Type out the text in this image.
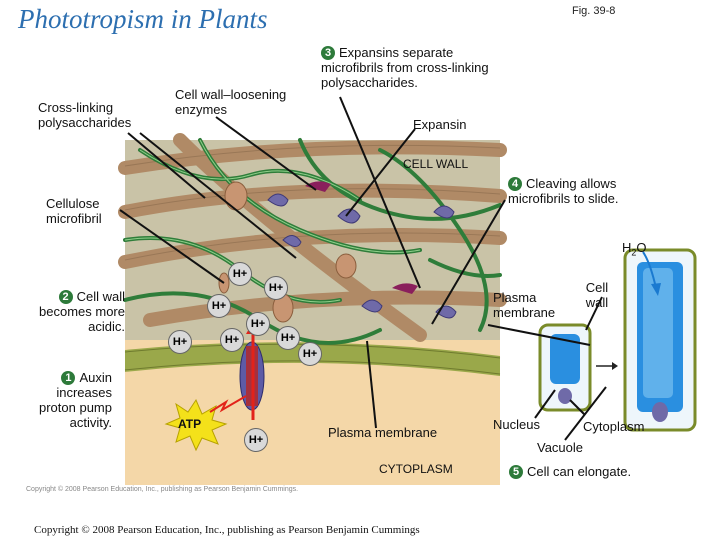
Phototropism in Plants	Fig. 39-8
H+
H+
H+
H+
H+	H+	H+
H+
H+
ATP
Cross-linking polysaccharides
Cell wall–loosening enzymes
3 Expansins separate microfibrils from cross-linking polysaccharides.
Expansin
CELL WALL
4 Cleaving allows microfibrils to slide.
Cellulose microfibril
$H_2O$
2 Cell wall becomes more acidic.
Plasma membrane
Cell wall
1 Auxin increases proton pump activity.
Plasma membrane
CYTOPLASM
Nucleus	Cytoplasm
Vacuole
5 Cell can elongate.
Copyright © 2008 Pearson Education, Inc., publishing as Pearson Benjamin Cummings.
Copyright © 2008 Pearson Education, Inc., publishing as Pearson Benjamin Cummings
